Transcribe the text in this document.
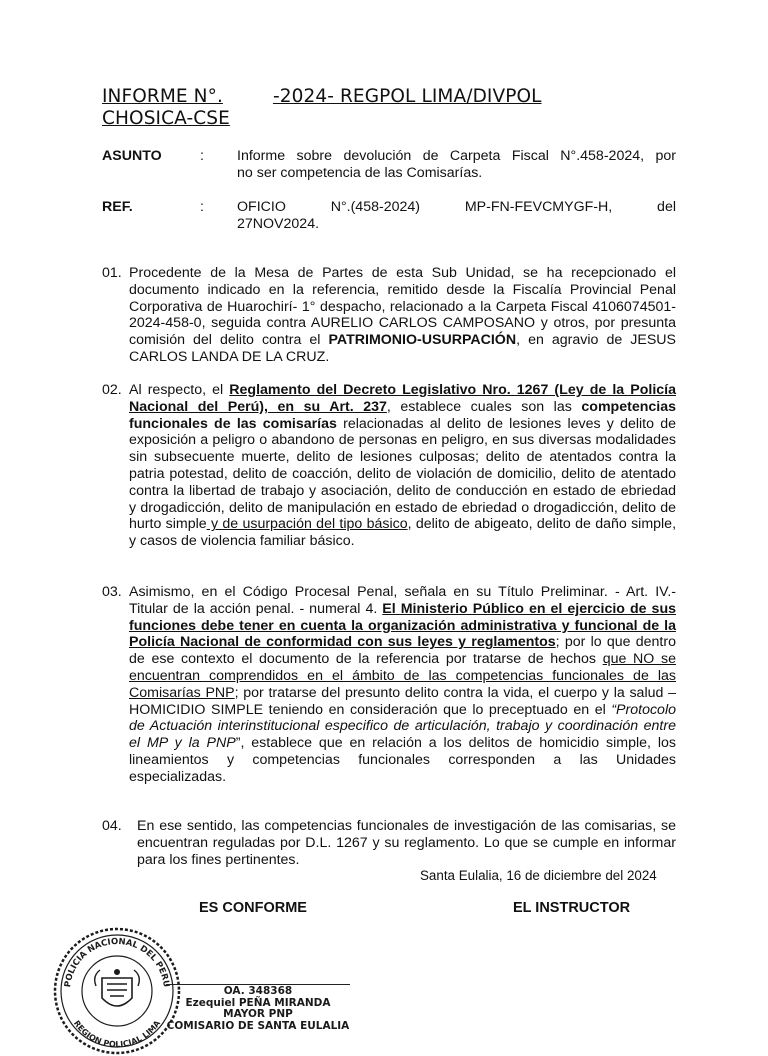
INFORME N°.	-2024- REGPOL LIMA/DIVPOL
CHOSICA-CSE
ASUNTO	: Informe sobre devolución de Carpeta Fiscal N°.458-2024, por
no ser competencia de las Comisarías.
REF.	: OFICIO N°.(458-2024) MP-FN-FEVCMYGF-H, del
27NOV2024.
01. Procedente de la Mesa de Partes de esta Sub Unidad, se ha recepcionado el documento indicado en la referencia, remitido desde la Fiscalía Provincial Penal Corporativa de Huarochirí- 1° despacho, relacionado a la Carpeta Fiscal 4106074501-2024-458-0, seguida contra AURELIO CARLOS CAMPOSANO y otros, por presunta comisión del delito contra el PATRIMONIO-USURPACIÓN, en agravio de JESUS CARLOS LANDA DE LA CRUZ.
02. Al respecto, el Reglamento del Decreto Legislativo Nro. 1267 (Ley de la Policía Nacional del Perú), en su Art. 237, establece cuales son las competencias funcionales de las comisarías relacionadas al delito de lesiones leves y delito de exposición a peligro o abandono de personas en peligro, en sus diversas modalidades sin subsecuente muerte, delito de lesiones culposas; delito de atentados contra la patria potestad, delito de coacción, delito de violación de domicilio, delito de atentado contra la libertad de trabajo y asociación, delito de conducción en estado de ebriedad y drogadicción, delito de manipulación en estado de ebriedad o drogadicción, delito de hurto simple y de usurpación del tipo básico, delito de abigeato, delito de daño simple, y casos de violencia familiar básico.
03. Asimismo, en el Código Procesal Penal, señala en su Título Preliminar. - Art. IV.- Titular de la acción penal. - numeral 4. El Ministerio Público en el ejercicio de sus funciones debe tener en cuenta la organización administrativa y funcional de la Policía Nacional de conformidad con sus leyes y reglamentos; por lo que dentro de ese contexto el documento de la referencia por tratarse de hechos que NO se encuentran comprendidos en el ámbito de las competencias funcionales de las Comisarías PNP; por tratarse del presunto delito contra la vida, el cuerpo y la salud – HOMICIDIO SIMPLE teniendo en consideración que lo preceptuado en el “Protocolo de Actuación interinstitucional especifico de articulación, trabajo y coordinación entre el MP y la PNP”, establece que en relación a los delitos de homicidio simple, los lineamientos y competencias funcionales corresponden a las Unidades especializadas.
04. En ese sentido, las competencias funcionales de investigación de las comisarias, se encuentran reguladas por D.L. 1267 y su reglamento. Lo que se cumple en informar para los fines pertinentes.
Santa Eulalia, 16 de diciembre del 2024
ES CONFORME	EL INSTRUCTOR
POLICIA NACIONAL DEL PERU
REGION POLICIAL LIMA
OA. 348368
Ezequiel PEÑA MIRANDA
MAYOR PNP
COMISARIO DE SANTA EULALIA
